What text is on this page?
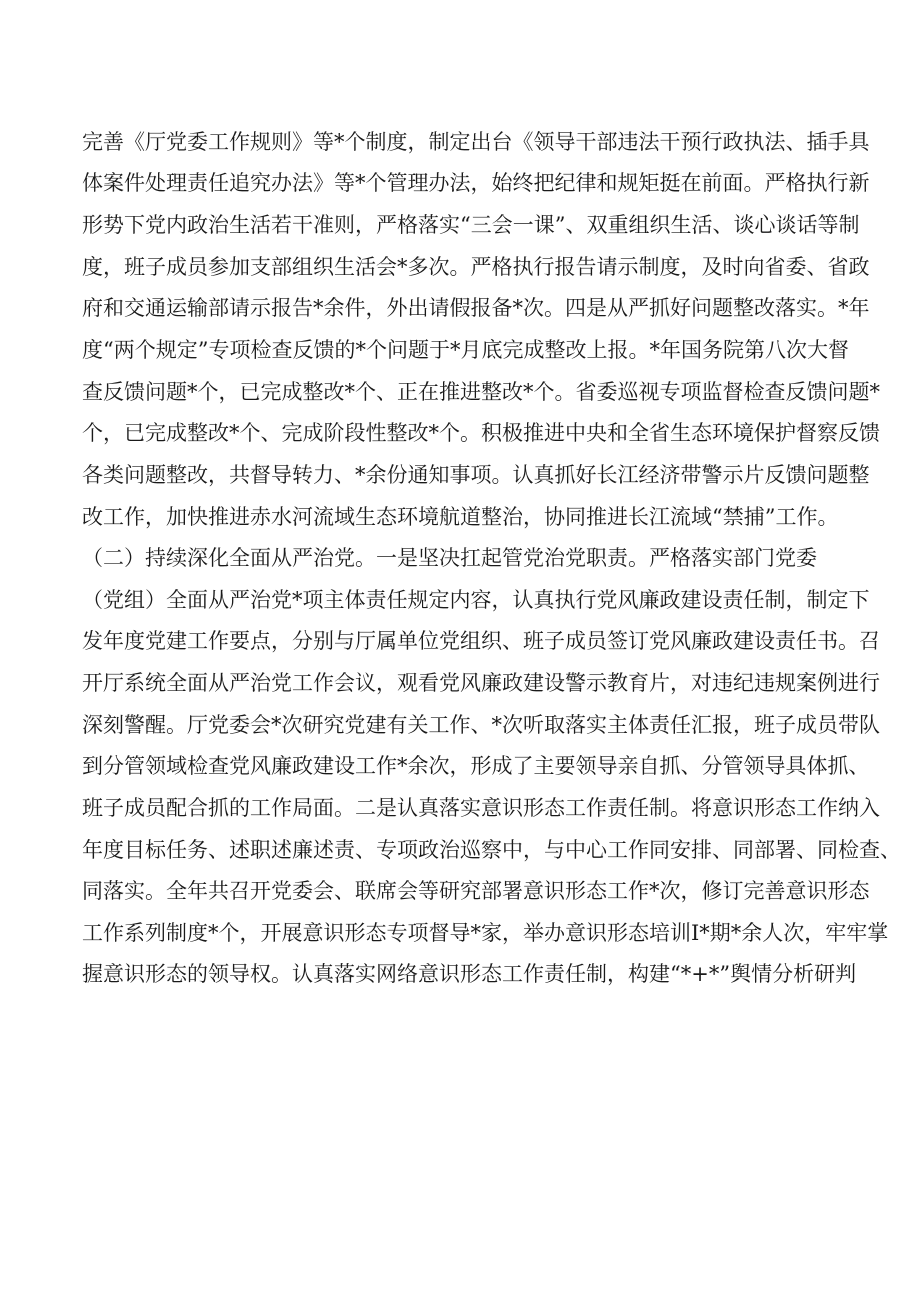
完善《厅党委工作规则》等*个制度，制定出台《领导干部违法干预行政执法、插手具
体案件处理责任追究办法》等*个管理办法，始终把纪律和规矩挺在前面。严格执行新
形势下党内政治生活若干准则，严格落实“三会一课”、双重组织生活、谈心谈话等制
度，班子成员参加支部组织生活会*多次。严格执行报告请示制度，及时向省委、省政
府和交通运输部请示报告*余件，外出请假报备*次。四是从严抓好问题整改落实。*年
度“两个规定”专项检查反馈的*个问题于*月底完成整改上报。*年国务院第八次大督
查反馈问题*个，已完成整改*个、正在推进整改*个。省委巡视专项监督检查反馈问题*
个，已完成整改*个、完成阶段性整改*个。积极推进中央和全省生态环境保护督察反馈
各类问题整改，共督导转力、*余份通知事项。认真抓好长江经济带警示片反馈问题整
改工作，加快推进赤水河流域生态环境航道整治，协同推进长江流域“禁捕”工作。
（二）持续深化全面从严治党。一是坚决扛起管党治党职责。严格落实部门党委
（党组）全面从严治党*项主体责任规定内容，认真执行党风廉政建设责任制，制定下
发年度党建工作要点，分别与厅属单位党组织、班子成员签订党风廉政建设责任书。召
开厅系统全面从严治党工作会议，观看党风廉政建设警示教育片，对违纪违规案例进行
深刻警醒。厅党委会*次研究党建有关工作、*次听取落实主体责任汇报，班子成员带队
到分管领域检查党风廉政建设工作*余次，形成了主要领导亲自抓、分管领导具体抓、
班子成员配合抓的工作局面。二是认真落实意识形态工作责任制。将意识形态工作纳入
年度目标任务、述职述廉述责、专项政治巡察中，与中心工作同安排、同部署、同检查、
同落实。全年共召开党委会、联席会等研究部署意识形态工作*次，修订完善意识形态
工作系列制度*个，开展意识形态专项督导*家，举办意识形态培训I*期*余人次，牢牢掌
握意识形态的领导权。认真落实网络意识形态工作责任制，构建“*+*”舆情分析研判
